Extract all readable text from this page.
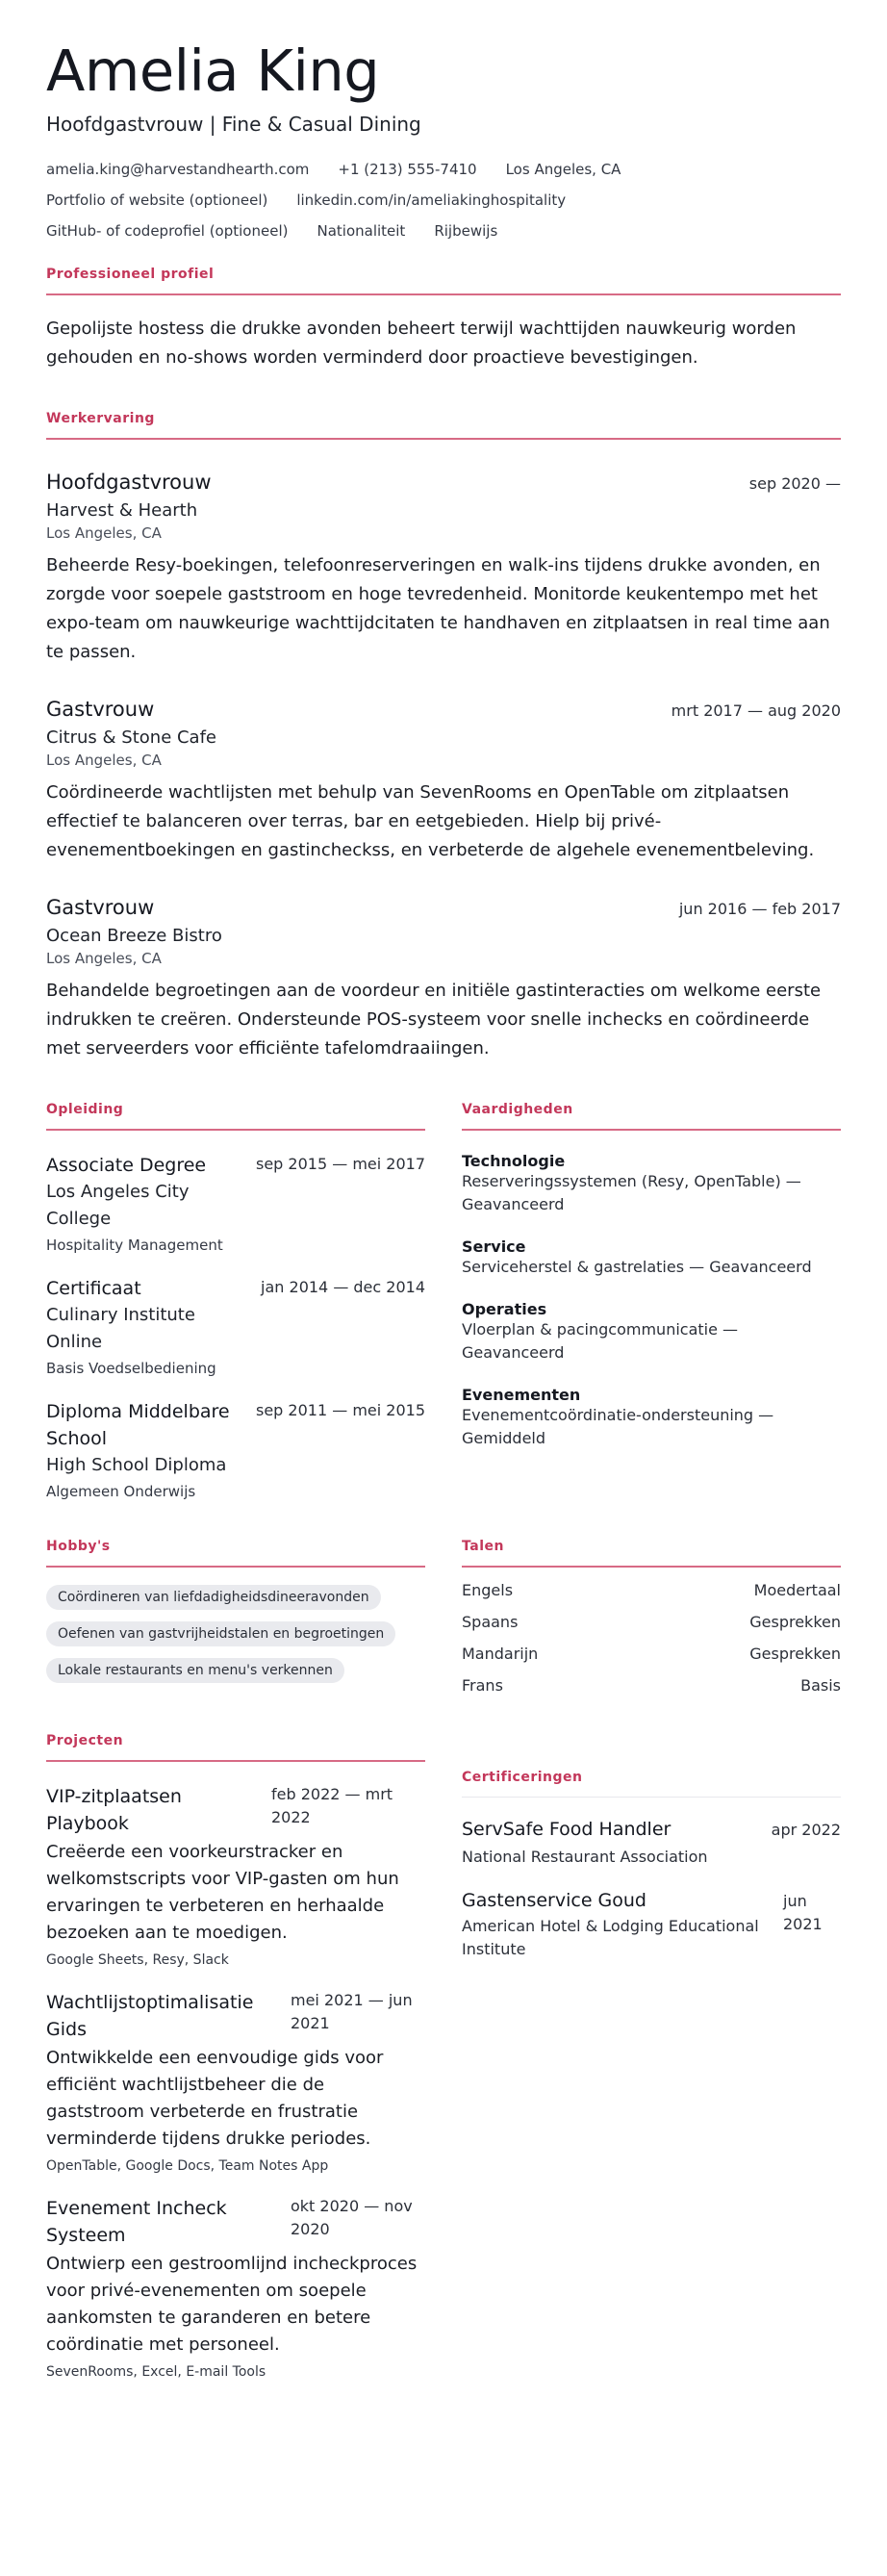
Amelia King
Hoofdgastvrouw | Fine & Casual Dining
amelia.king@harvestandhearth.com +1 (213) 555-7410 Los Angeles, CA
Portfolio of website (optioneel) linkedin.com/in/ameliakinghospitality
GitHub- of codeprofiel (optioneel) Nationaliteit Rijbewijs
Professioneel profiel
Gepolijste hostess die drukke avonden beheert terwijl wachttijden nauwkeurig worden gehouden en no-shows worden verminderd door proactieve bevestigingen.
Werkervaring
Hoofdgastvrouw	sep 2020 —
Harvest & Hearth
Los Angeles, CA
Beheerde Resy-boekingen, telefoonreserveringen en walk-ins tijdens drukke avonden, en zorgde voor soepele gaststroom en hoge tevredenheid. Monitorde keukentempo met het expo-team om nauwkeurige wachttijdcitaten te handhaven en zitplaatsen in real time aan te passen.
Gastvrouw	mrt 2017 — aug 2020
Citrus & Stone Cafe
Los Angeles, CA
Coördineerde wachtlijsten met behulp van SevenRooms en OpenTable om zitplaatsen effectief te balanceren over terras, bar en eetgebieden. Hielp bij privé-evenementboekingen en gastincheckss, en verbeterde de algehele evenementbeleving.
Gastvrouw	jun 2016 — feb 2017
Ocean Breeze Bistro
Los Angeles, CA
Behandelde begroetingen aan de voordeur en initiële gastinteracties om welkome eerste indrukken te creëren. Ondersteunde POS-systeem voor snelle inchecks en coördineerde met serveerders voor efficiënte tafelomdraaiingen.
Opleiding
Associate Degree	sep 2015 — mei 2017
Los Angeles City College
Hospitality Management
Certificaat	jan 2014 — dec 2014
Culinary Institute Online
Basis Voedselbediening
Diploma Middelbare School
sep 2011 — mei 2015
High School Diploma
Algemeen Onderwijs
Vaardigheden
Technologie
Reserveringssystemen (Resy, OpenTable) — Geavanceerd
Service
Serviceherstel & gastrelaties — Geavanceerd
Operaties
Vloerplan & pacingcommunicatie — Geavanceerd
Evenementen
Evenementcoördinatie-ondersteuning — Gemiddeld
Hobby's
Coördineren van liefdadigheidsdineeravonden
Oefenen van gastvrijheidstalen en begroetingen
Lokale restaurants en menu's verkennen
Talen
Engels	Moedertaal
Spaans	Gesprekken
Mandarijn	Gesprekken
Frans	Basis
Projecten
VIP-zitplaatsen Playbook
feb 2022 — mrt 2022
Creëerde een voorkeurstracker en welkomstscripts voor VIP-gasten om hun ervaringen te verbeteren en herhaalde bezoeken aan te moedigen.
Google Sheets, Resy, Slack
Wachtlijstoptimalisatie Gids
mei 2021 — jun 2021
Ontwikkelde een eenvoudige gids voor efficiënt wachtlijstbeheer die de gaststroom verbeterde en frustratie verminderde tijdens drukke periodes.
OpenTable, Google Docs, Team Notes App
Evenement Incheck Systeem
okt 2020 — nov 2020
Ontwierp een gestroomlijnd incheckproces voor privé-evenementen om soepele aankomsten te garanderen en betere coördinatie met personeel.
SevenRooms, Excel, E-mail Tools
Certificeringen
ServSafe Food Handler	apr 2022
National Restaurant Association
Gastenservice Goud
American Hotel & Lodging Educational Institute
jun 2021
